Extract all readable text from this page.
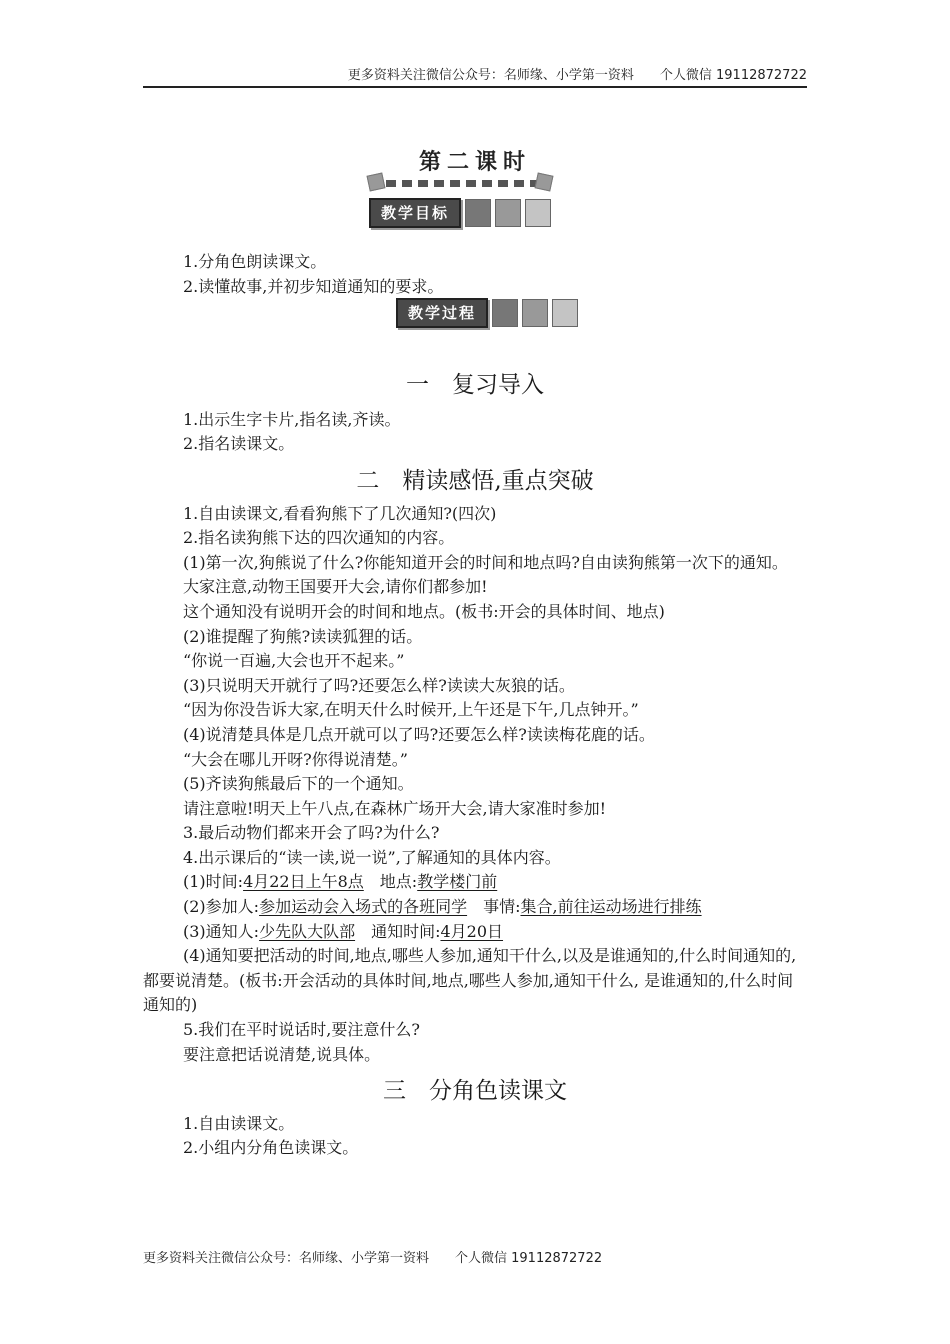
更多资料关注微信公众号：名师缘、小学第一资料　　个人微信 19112872722
第二课时
教学目标
教学过程

1.分角色朗读课文。

2.读懂故事,并初步知道通知的要求。

一　复习导入

1.出示生字卡片,指名读,齐读。

2.指名读课文。

二　精读感悟,重点突破

1.自由读课文,看看狗熊下了几次通知?(四次)

2.指名读狗熊下达的四次通知的内容。

(1)第一次,狗熊说了什么?你能知道开会的时间和地点吗?自由读狗熊第一次下的通知。

大家注意,动物王国要开大会,请你们都参加!

这个通知没有说明开会的时间和地点。(板书:开会的具体时间、地点)

(2)谁提醒了狗熊?读读狐狸的话。

“你说一百遍,大会也开不起来。”

(3)只说明天开就行了吗?还要怎么样?读读大灰狼的话。

“因为你没告诉大家,在明天什么时候开,上午还是下午,几点钟开。”

(4)说清楚具体是几点开就可以了吗?还要怎么样?读读梅花鹿的话。

“大会在哪儿开呀?你得说清楚。”

(5)齐读狗熊最后下的一个通知。

请注意啦!明天上午八点,在森林广场开大会,请大家准时参加!

3.最后动物们都来开会了吗?为什么?

4.出示课后的“读一读,说一说”,了解通知的具体内容。

(1)时间:4月22日上午8点　地点:教学楼门前

(2)参加人:参加运动会入场式的各班同学　事情:集合,前往运动场进行排练

(3)通知人:少先队大队部　通知时间:4月20日

(4)通知要把活动的时间,地点,哪些人参加,通知干什么,以及是谁通知的,什么时间通知的,都要说清楚。(板书:开会活动的具体时间,地点,哪些人参加,通知干什么, 是谁通知的,什么时间通知的)

5.我们在平时说话时,要注意什么?

要注意把话说清楚,说具体。

三　分角色读课文

1.自由读课文。

2.小组内分角色读课文。

更多资料关注微信公众号：名师缘、小学第一资料　　个人微信 19112872722
